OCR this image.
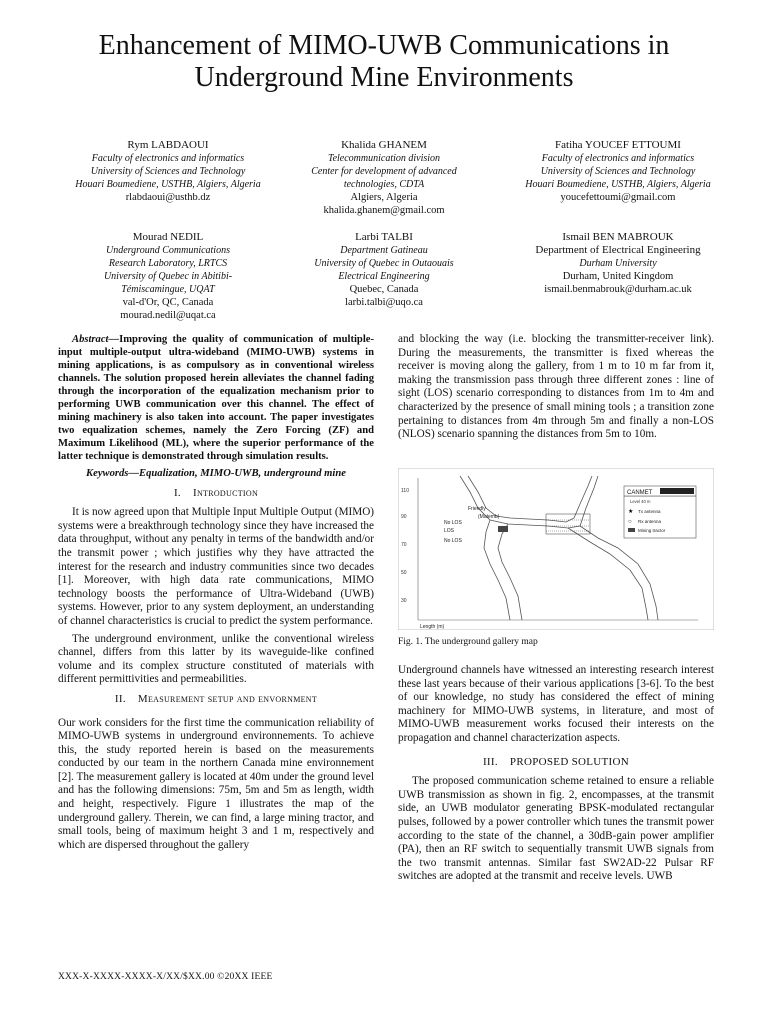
Enhancement of MIMO-UWB Communications in Underground Mine Environments
Rym LABDAOUI
Faculty of electronics and informatics
University of Sciences and Technology
Houari Boumediene, USTHB, Algiers, Algeria
rlabdaoui@usthb.dz
Khalida GHANEM
Telecommunication division
Center for development of advanced
technologies, CDTA
Algiers, Algeria
khalida.ghanem@gmail.com
Fatiha YOUCEF ETTOUMI
Faculty of electronics and informatics
University of Sciences and Technology
Houari Boumediene, USTHB, Algiers, Algeria
youcefettoumi@gmail.com
Mourad NEDIL
Underground Communications
Research Laboratory, LRTCS
University of Quebec in Abitibi-
Témiscamingue, UQAT
val-d'Or, QC, Canada
mourad.nedil@uqat.ca
Larbi TALBI
Department Gatineau
University of Quebec in Outaouais
Electrical Engineering
Quebec, Canada
larbi.talbi@uqo.ca
Ismail BEN MABROUK
Department of Electrical Engineering
Durham University
Durham, United Kingdom
ismail.benmabrouk@durham.ac.uk

Abstract—Improving the quality of communication of multiple-input multiple-output ultra-wideband (MIMO-UWB) systems in mining applications, is as compulsory as in conventional wireless channels. The solution proposed herein alleviates the channel fading through the incorporation of the equalization mechanism prior to performing UWB communication over this channel. The effect of mining machinery is also taken into account. The paper investigates two equalization schemes, namely the Zero Forcing (ZF) and Maximum Likelihood (ML), where the superior performance of the latter technique is demonstrated through simulation results.

Keywords—Equalization, MIMO-UWB, underground mine

I. Introduction

It is now agreed upon that Multiple Input Multiple Output (MIMO) systems were a breakthrough technology since they have increased the data throughput, without any penalty in terms of the bandwidth and/or the transmit power ; which justifies why they have attracted the interest for the research and industry communities since two decades [1]. Moreover, with high data rate communications, MIMO technology boosts the performance of Ultra-Wideband (UWB) systems. However, prior to any system deployment, an understanding of channel characteristics is crucial to predict the system performance.

The underground environment, unlike the conventional wireless channel, differs from this latter by its waveguide-like confined volume and its complex structure constituted of materials with different permittivities and permeabilities.

II. Measurement setup and envornment

Our work considers for the first time the communication reliability of MIMO-UWB systems in underground environnements. To achieve this, the study reported herein is based on the measurements conducted by our team in the northern Canada mine environnement [2]. The measurement gallery is located at 40m under the ground level and has the following dimensions: 75m, 5m and 5m as length, width and height, respectively. Figure 1 illustrates the map of the underground gallery. Therein, we can find, a large mining tractor, and small tools, being of maximum height 3 and 1 m, respectively and which are dispersed throughout the gallery

and blocking the way (i.e. blocking the transmitter-receiver link). During the measurements, the transmitter is fixed whereas the receiver is moving along the gallery, from 1 m to 10 m far from it, making the transmission pass through three different zones : line of sight (LOS) scenario corresponding to distances from 1m to 4m and characterized by the presence of small mining tools ; a transition zone pertaining to distances from 4m through 5m and finally a non-LOS (NLOS) scenario spanning the distances from 5m to 10m.

110
90
70
50
30
Friendly
(Matemb)
No LOS
LOS
No LOS
Length (m)
CANMET
Level 40 m
★ Tx antenna
○ Rx antenna
Mining tractor
Fig. 1. The underground gallery map

Underground channels have witnessed an interesting research interest these last years because of their various applications [3-6]. To the best of our knowledge, no study has considered the effect of mining machinery for MIMO-UWB systems, in literature, and most of MIMO-UWB measurement works focused their interests on the propagation and channel characterization aspects.

III. PROPOSED SOLUTION

The proposed communication scheme retained to ensure a reliable UWB transmission as shown in fig. 2, encompasses, at the transmit side, an UWB modulator generating BPSK-modulated rectangular pulses, followed by a power controller which tunes the transmit power according to the state of the channel, a 30dB-gain power amplifier (PA), then an RF switch to sequentially transmit UWB signals from the two transmit antennas. Similar fast SW2AD-22 Pulsar RF switches are adopted at the transmit and receive levels. UWB

XXX-X-XXXX-XXXX-X/XX/$XX.00 ©20XX IEEE
